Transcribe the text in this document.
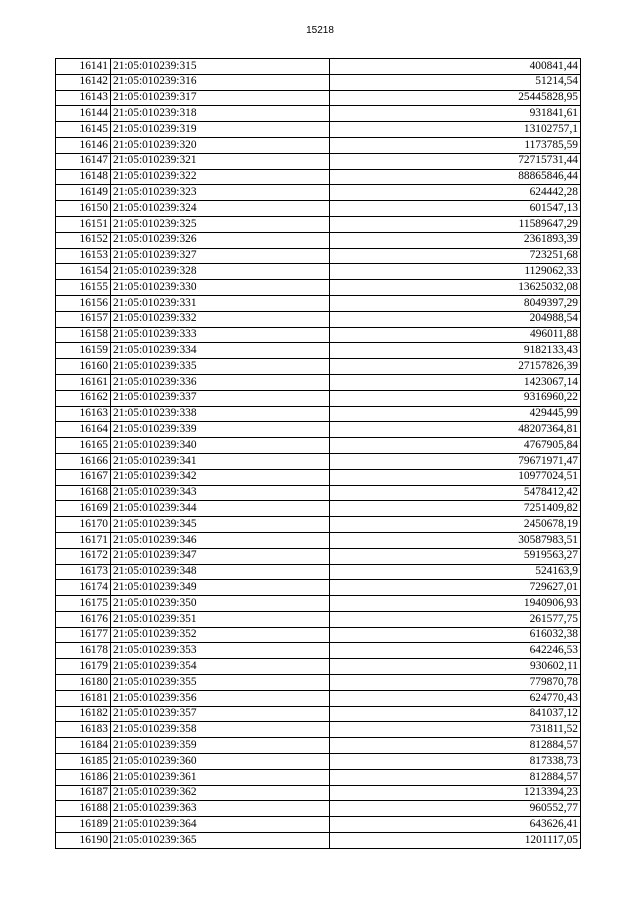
15218
16141	21:05:010239:315	400841,44
16142	21:05:010239:316	51214,54
16143	21:05:010239:317	25445828,95
16144	21:05:010239:318	931841,61
16145	21:05:010239:319	13102757,1
16146	21:05:010239:320	1173785,59
16147	21:05:010239:321	72715731,44
16148	21:05:010239:322	88865846,44
16149	21:05:010239:323	624442,28
16150	21:05:010239:324	601547,13
16151	21:05:010239:325	11589647,29
16152	21:05:010239:326	2361893,39
16153	21:05:010239:327	723251,68
16154	21:05:010239:328	1129062,33
16155	21:05:010239:330	13625032,08
16156	21:05:010239:331	8049397,29
16157	21:05:010239:332	204988,54
16158	21:05:010239:333	496011,88
16159	21:05:010239:334	9182133,43
16160	21:05:010239:335	27157826,39
16161	21:05:010239:336	1423067,14
16162	21:05:010239:337	9316960,22
16163	21:05:010239:338	429445,99
16164	21:05:010239:339	48207364,81
16165	21:05:010239:340	4767905,84
16166	21:05:010239:341	79671971,47
16167	21:05:010239:342	10977024,51
16168	21:05:010239:343	5478412,42
16169	21:05:010239:344	7251409,82
16170	21:05:010239:345	2450678,19
16171	21:05:010239:346	30587983,51
16172	21:05:010239:347	5919563,27
16173	21:05:010239:348	524163,9
16174	21:05:010239:349	729627,01
16175	21:05:010239:350	1940906,93
16176	21:05:010239:351	261577,75
16177	21:05:010239:352	616032,38
16178	21:05:010239:353	642246,53
16179	21:05:010239:354	930602,11
16180	21:05:010239:355	779870,78
16181	21:05:010239:356	624770,43
16182	21:05:010239:357	841037,12
16183	21:05:010239:358	731811,52
16184	21:05:010239:359	812884,57
16185	21:05:010239:360	817338,73
16186	21:05:010239:361	812884,57
16187	21:05:010239:362	1213394,23
16188	21:05:010239:363	960552,77
16189	21:05:010239:364	643626,41
16190	21:05:010239:365	1201117,05
